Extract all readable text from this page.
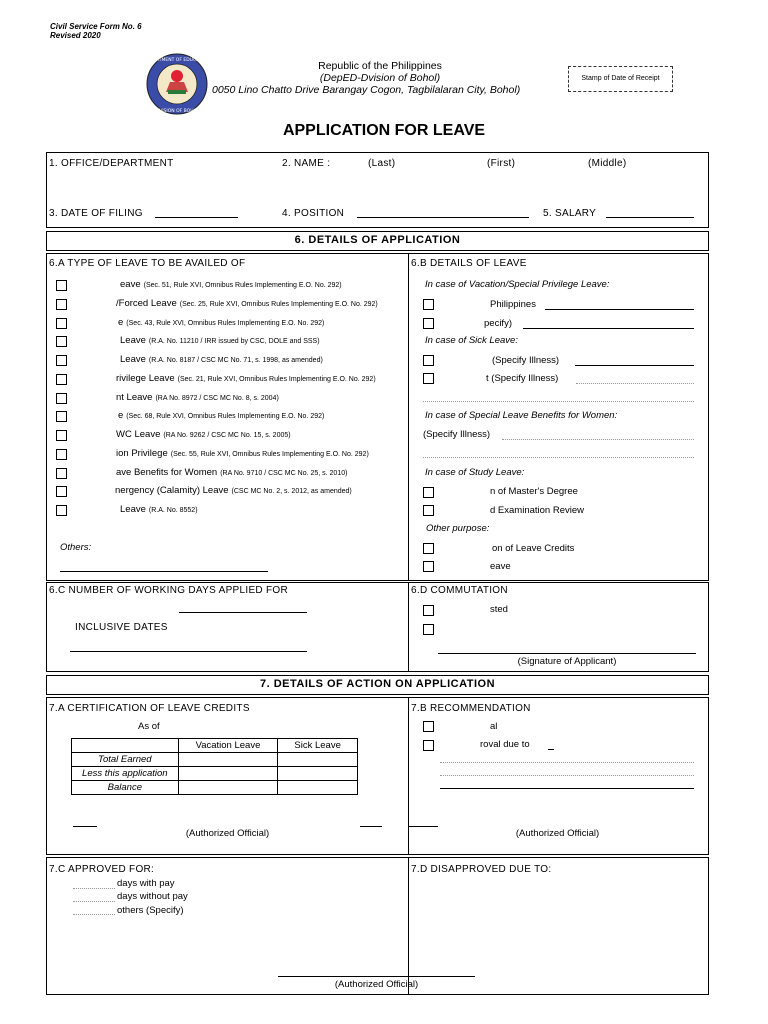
Civil Service Form No. 6
Revised 2020
DEPARTMENT OF EDUCATION
DIVISION OF BOHOL
Republic of the Philippines
(DepED-Dvision of Bohol)
0050 Lino Chatto Drive Barangay Cogon, Tagbilalaran City, Bohol)
Stamp of Date of Receipt
APPLICATION FOR LEAVE
1. OFFICE/DEPARTMENT	2. NAME :	(Last)	(First)	(Middle)
3. DATE OF FILING	4. POSITION	5. SALARY
6. DETAILS OF APPLICATION
6.A TYPE OF LEAVE TO BE AVAILED OF
eave (Sec. 51, Rule XVI, Omnibus Rules Implementing E.O. No. 292)
/Forced Leave (Sec. 25, Rule XVI, Omnibus Rules Implementing E.O. No. 292)
e (Sec. 43, Rule XVI, Omnibus Rules Implementing E.O. No. 292)
Leave (R.A. No. 11210 / IRR issued by CSC, DOLE and SSS)
Leave (R.A. No. 8187 / CSC MC No. 71, s. 1998, as amended)
rivilege Leave (Sec. 21, Rule XVI, Omnibus Rules Implementing E.O. No. 292)
nt Leave (RA No. 8972 / CSC MC No. 8, s. 2004)
e (Sec. 68, Rule XVI, Omnibus Rules Implementing E.O. No. 292)
WC Leave (RA No. 9262 / CSC MC No. 15, s. 2005)
ion Privilege (Sec. 55, Rule XVI, Omnibus Rules Implementing E.O. No. 292)
ave Benefits for Women (RA No. 9710 / CSC MC No. 25, s. 2010)
nergency (Calamity) Leave (CSC MC No. 2, s. 2012, as amended)
Leave (R.A. No. 8552)
Others:
6.B DETAILS OF LEAVE
In case of Vacation/Special Privilege Leave:
Philippines
pecify)
In case of Sick Leave:
(Specify Illness)
t (Specify Illness)
In case of Special Leave Benefits for Women:
(Specify Illness)
In case of Study Leave:
n of Master's Degree
d Examination Review
Other purpose:
on of Leave Credits
eave
6.C NUMBER OF WORKING DAYS APPLIED FOR
INCLUSIVE DATES
6.D COMMUTATION
sted
(Signature of Applicant)
7. DETAILS OF ACTION ON APPLICATION
7.A CERTIFICATION OF LEAVE CREDITS
As of
	Vacation Leave	Sick Leave
Total Earned		
Less this application		
Balance		
(Authorized Official)
7.B RECOMMENDATION
al
roval due to
(Authorized Official)
7.C APPROVED FOR:
days with pay
days without pay
others (Specify)
7.D DISAPPROVED DUE TO:
(Authorized Official)
